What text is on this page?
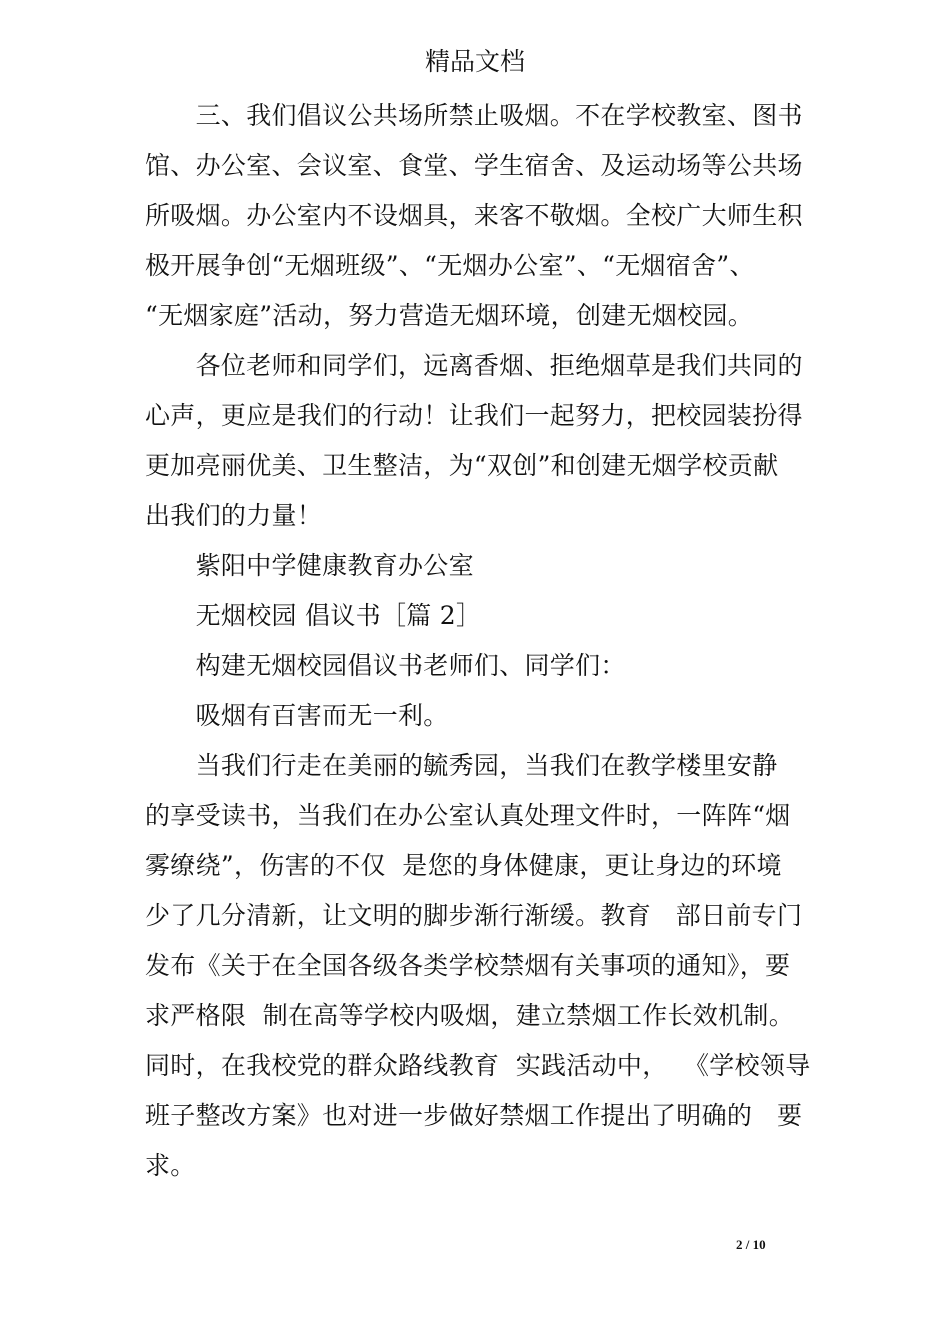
精品文档
　　三、我们倡议公共场所禁止吸烟。不在学校教室、图书
馆、办公室、会议室、食堂、学生宿舍、及运动场等公共场
所吸烟。办公室内不设烟具，来客不敬烟。全校广大师生积
极开展争创“无烟班级”、“无烟办公室”、“无烟宿舍”、
“无烟家庭”活动，努力营造无烟环境，创建无烟校园。
　　各位老师和同学们，远离香烟、拒绝烟草是我们共同的
心声，更应是我们的行动！让我们一起努力，把校园装扮得
更加亮丽优美、卫生整洁，为“双创”和创建无烟学校贡献
出我们的力量！
　　紫阳中学健康教育办公室
　　无烟校园 倡议书［篇 2］
　　构建无烟校园倡议书老师们、同学们：
　　吸烟有百害而无一利。
　　当我们行走在美丽的毓秀园，当我们在教学楼里安静
的享受读书，当我们在办公室认真处理文件时，一阵阵“烟
雾缭绕”，伤害的不仅  是您的身体健康，更让身边的环境
少了几分清新，让文明的脚步渐行渐缓。教育   部日前专门
发布《关于在全国各级各类学校禁烟有关事项的通知》，要
求严格限  制在高等学校内吸烟，建立禁烟工作长效机制。
同时，在我校党的群众路线教育  实践活动中，  《学校领导
班子整改方案》也对进一步做好禁烟工作提出了明确的   要
求。
2 / 10
